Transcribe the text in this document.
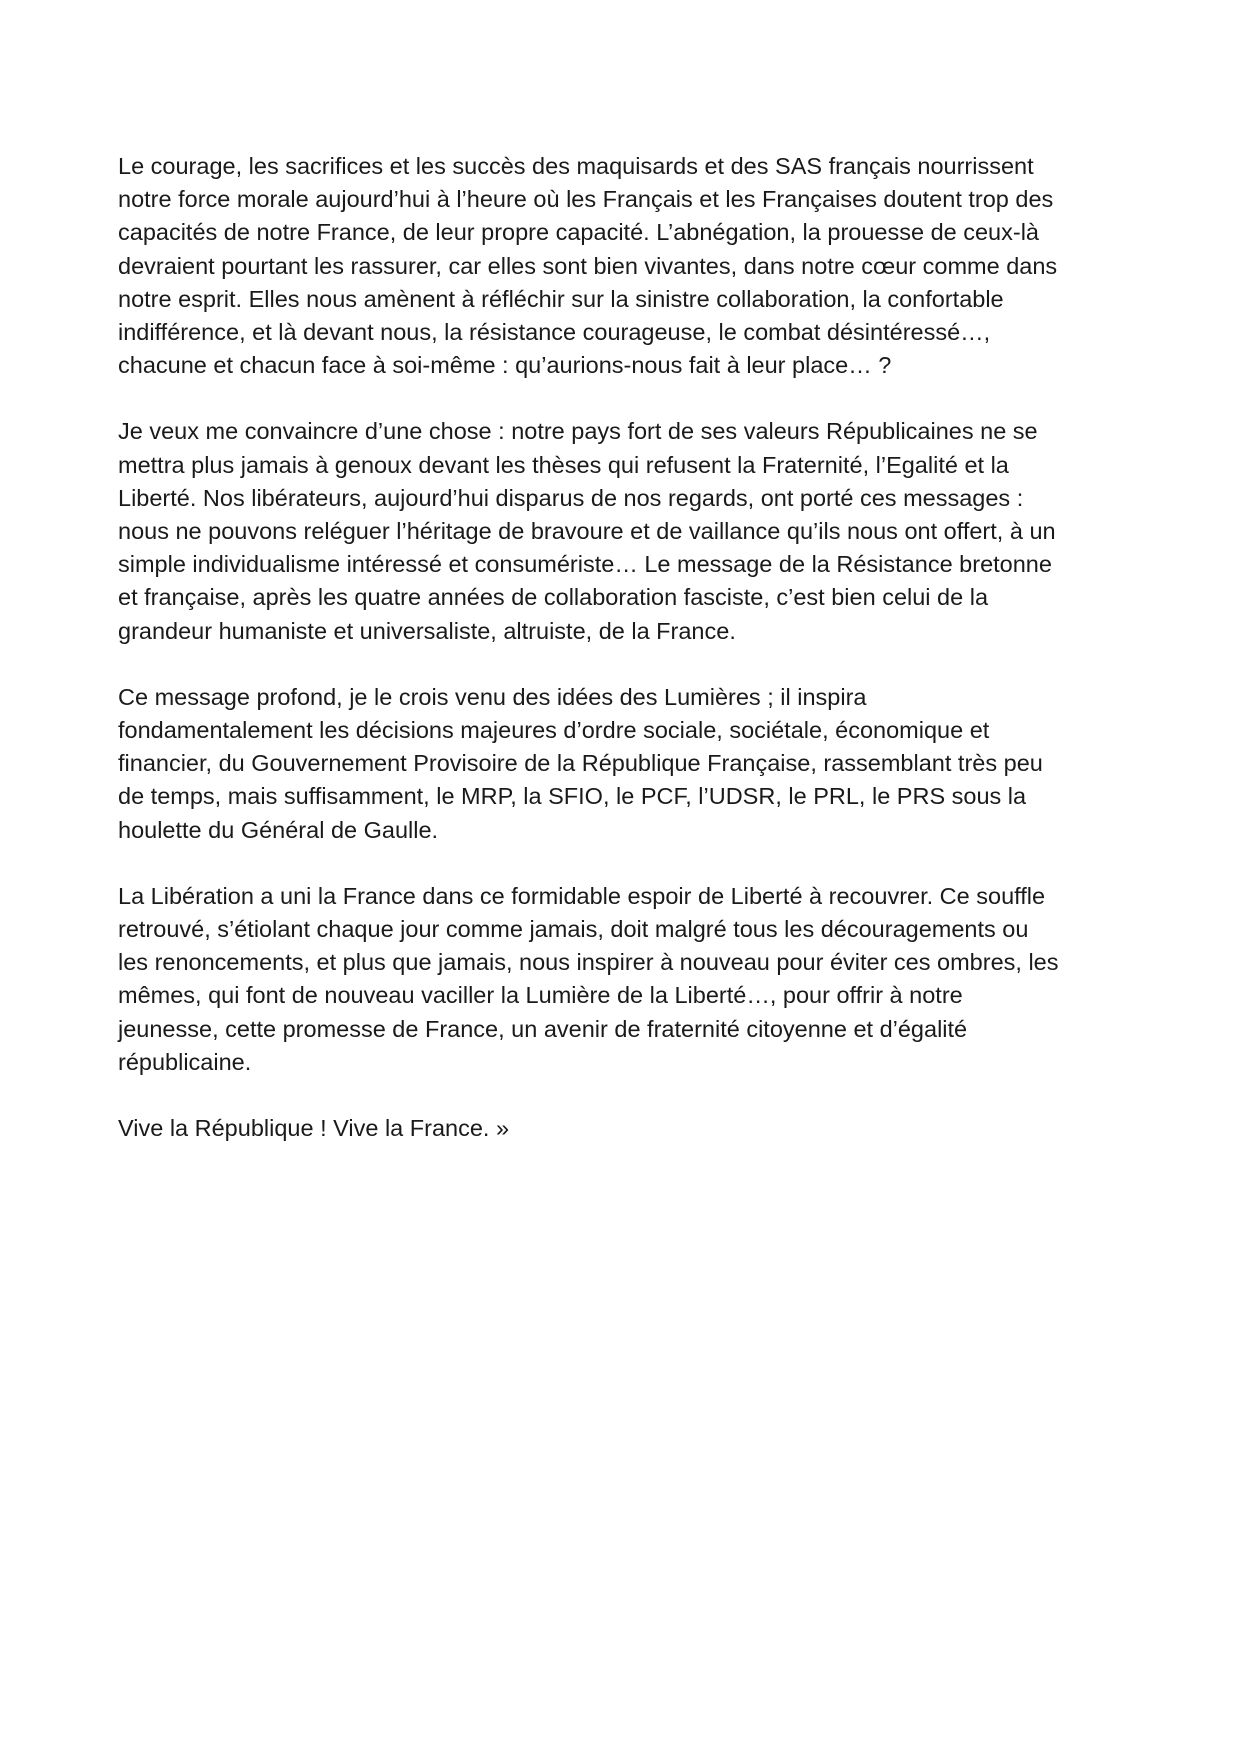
Le courage, les sacrifices et les succès des maquisards et des SAS français nourrissent
notre force morale aujourd’hui à l’heure où les Français et les Françaises doutent trop des
capacités de notre France, de leur propre capacité. L’abnégation, la prouesse de ceux-là
devraient pourtant les rassurer, car elles sont bien vivantes, dans notre cœur comme dans
notre esprit. Elles nous amènent à réfléchir sur la sinistre collaboration, la confortable
indifférence, et là devant nous, la résistance courageuse, le combat désintéressé…,
chacune et chacun face à soi-même : qu’aurions-nous fait à leur place… ?

Je veux me convaincre d’une chose : notre pays fort de ses valeurs Républicaines ne se
mettra plus jamais à genoux devant les thèses qui refusent la Fraternité, l’Egalité et la
Liberté. Nos libérateurs, aujourd’hui disparus de nos regards, ont porté ces messages :
nous ne pouvons reléguer l’héritage de bravoure et de vaillance qu’ils nous ont offert, à un
simple individualisme intéressé et consumériste… Le message de la Résistance bretonne
et française, après les quatre années de collaboration fasciste, c’est bien celui de la
grandeur humaniste et universaliste, altruiste, de la France.

Ce message profond, je le crois venu des idées des Lumières ; il inspira
fondamentalement les décisions majeures d’ordre sociale, sociétale, économique et
financier, du Gouvernement Provisoire de la République Française, rassemblant très peu
de temps, mais suffisamment, le MRP, la SFIO, le PCF, l’UDSR, le PRL, le PRS sous la
houlette du Général de Gaulle.

La Libération a uni la France dans ce formidable espoir de Liberté à recouvrer. Ce souffle
retrouvé, s’étiolant chaque jour comme jamais, doit malgré tous les découragements ou
les renoncements, et plus que jamais, nous inspirer à nouveau pour éviter ces ombres, les
mêmes, qui font de nouveau vaciller la Lumière de la Liberté…, pour offrir à notre
jeunesse, cette promesse de France, un avenir de fraternité citoyenne et d’égalité
républicaine.

Vive la République ! Vive la France. »
